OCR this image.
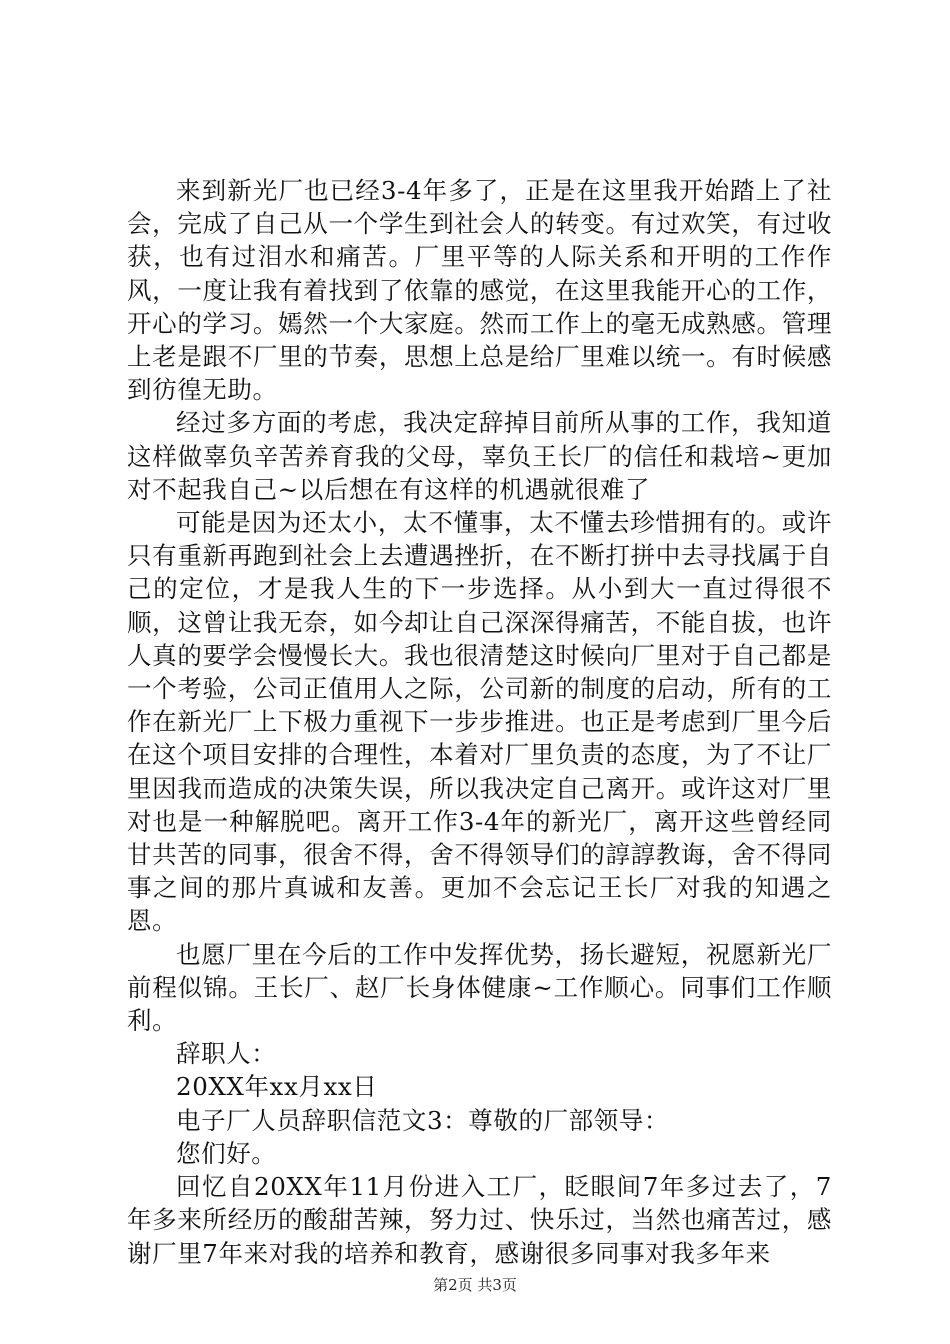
来到新光厂也已经3-4年多了，正是在这里我开始踏上了社会，完成了自己从一个学生到社会人的转变。有过欢笑，有过收获，也有过泪水和痛苦。厂里平等的人际关系和开明的工作作风，一度让我有着找到了依靠的感觉，在这里我能开心的工作，开心的学习。嫣然一个大家庭。然而工作上的毫无成熟感。管理上老是跟不厂里的节奏，思想上总是给厂里难以统一。有时候感到彷徨无助。

经过多方面的考虑，我决定辞掉目前所从事的工作，我知道这样做辜负辛苦养育我的父母，辜负王长厂的信任和栽培~更加对不起我自己~以后想在有这样的机遇就很难了

可能是因为还太小，太不懂事，太不懂去珍惜拥有的。或许只有重新再跑到社会上去遭遇挫折，在不断打拼中去寻找属于自己的定位，才是我人生的下一步选择。从小到大一直过得很不顺，这曾让我无奈，如今却让自己深深得痛苦，不能自拔，也许人真的要学会慢慢长大。我也很清楚这时候向厂里对于自己都是一个考验，公司正值用人之际，公司新的制度的启动，所有的工作在新光厂上下极力重视下一步步推进。也正是考虑到厂里今后在这个项目安排的合理性，本着对厂里负责的态度，为了不让厂里因我而造成的决策失误，所以我决定自己离开。或许这对厂里对也是一种解脱吧。离开工作3-4年的新光厂，离开这些曾经同甘共苦的同事，很舍不得，舍不得领导们的諄諄教诲，舍不得同事之间的那片真诚和友善。更加不会忘记王长厂对我的知遇之恩。

也愿厂里在今后的工作中发挥优势，扬长避短，祝愿新光厂前程似锦。王长厂、赵厂长身体健康~工作顺心。同事们工作顺利。

辞职人：

20XX年xx月xx日

电子厂人员辞职信范文3：尊敬的厂部领导：

您们好。

回忆自20XX年11月份进入工厂，眨眼间7年多过去了，7年多来所经历的酸甜苦辣，努力过、快乐过，当然也痛苦过，感谢厂里7年来对我的培养和教育，感谢很多同事对我多年来

第2页 共3页
